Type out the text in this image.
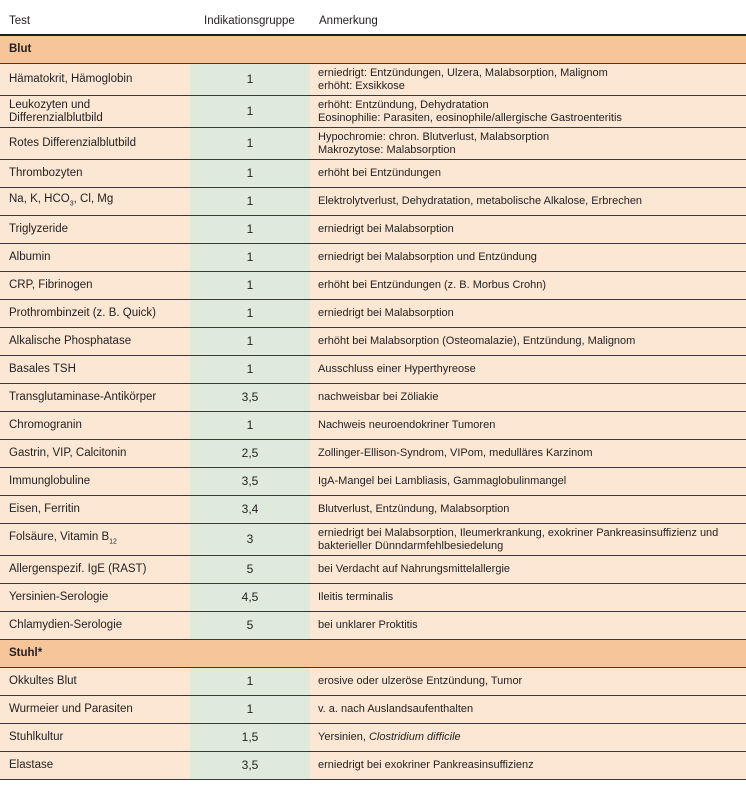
Test	Indikationsgruppe	Anmerkung
Blut		
Hämatokrit, Hämoglobin	1	erniedrigt: Entzündungen, Ulzera, Malabsorption, Malignom
erhöht: Exsikkose
Leukozyten und
Differenzialblutbild	1	erhöht: Entzündung, Dehydratation
Eosinophilie: Parasiten, eosinophile/allergische Gastroenteritis
Rotes Differenzialblutbild	1	Hypochromie: chron. Blutverlust, Malabsorption
Makrozytose: Malabsorption
Thrombozyten	1	erhöht bei Entzündungen
Na, K, $HCO_3$, Cl, Mg	1	Elektrolytverlust, Dehydratation, metabolische Alkalose, Erbrechen
Triglyzeride	1	erniedrigt bei Malabsorption
Albumin	1	erniedrigt bei Malabsorption und Entzündung
CRP, Fibrinogen	1	erhöht bei Entzündungen (z. B. Morbus Crohn)
Prothrombinzeit (z. B. Quick)	1	erniedrigt bei Malabsorption
Alkalische Phosphatase	1	erhöht bei Malabsorption (Osteomalazie), Entzündung, Malignom
Basales TSH	1	Ausschluss einer Hyperthyreose
Transglutaminase-Antikörper	3,5	nachweisbar bei Zöliakie
Chromogranin	1	Nachweis neuroendokriner Tumoren
Gastrin, VIP, Calcitonin	2,5	Zollinger-Ellison-Syndrom, VIPom, medulläres Karzinom
Immunglobuline	3,5	IgA-Mangel bei Lambliasis, Gammaglobulinmangel
Eisen, Ferritin	3,4	Blutverlust, Entzündung, Malabsorption
Folsäure, Vitamin $B_{12}$	3	erniedrigt bei Malabsorption, Ileumerkrankung, exokriner Pankreasinsuffizienz und
bakterieller Dünndarmfehlbesiedelung
Allergenspezif. IgE (RAST)	5	bei Verdacht auf Nahrungsmittelallergie
Yersinien-Serologie	4,5	Ileitis terminalis
Chlamydien-Serologie	5	bei unklarer Proktitis
Stuhl*		
Okkultes Blut	1	erosive oder ulzeröse Entzündung, Tumor
Wurmeier und Parasiten	1	v. a. nach Auslandsaufenthalten
Stuhlkultur	1,5	Yersinien, Clostridium difficile
Elastase	3,5	erniedrigt bei exokriner Pankreasinsuffizienz
